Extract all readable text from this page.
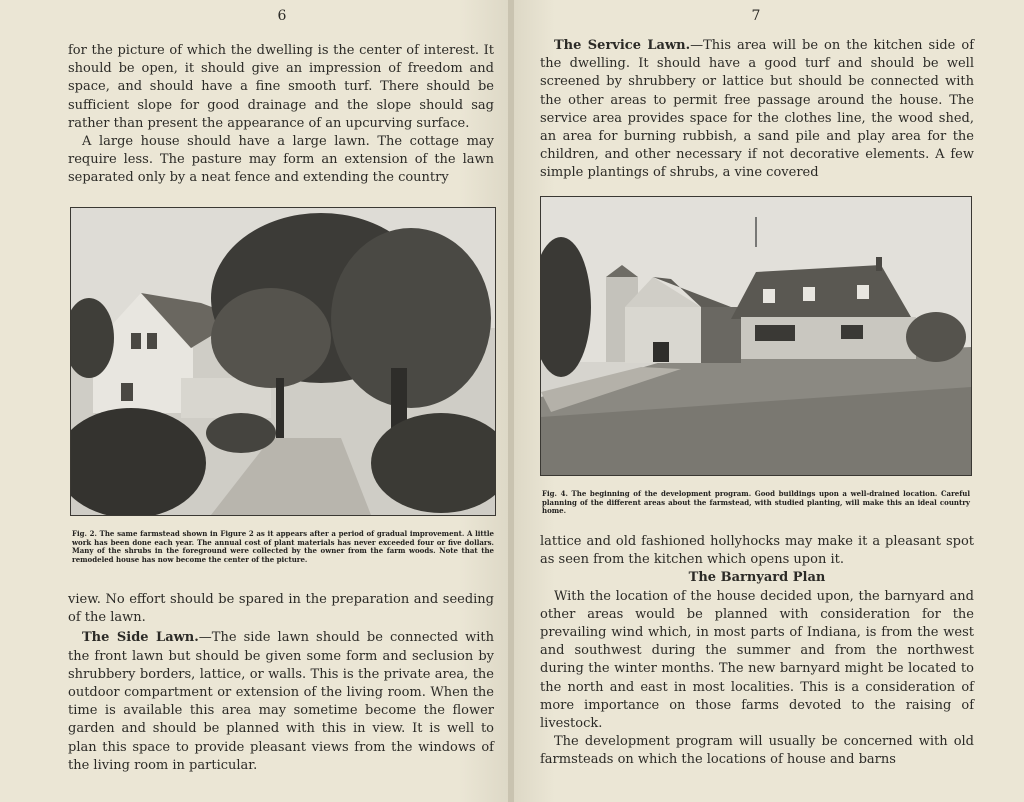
6

for the picture of which the dwelling is the center of interest. It should be open, it should give an impression of freedom and space, and should have a fine smooth turf. There should be sufficient slope for good drainage and the slope should sag rather than present the appearance of an upcurving surface.

A large house should have a large lawn. The cottage may require less. The pasture may form an extension of the lawn separated only by a neat fence and extending the country

Fig. 2. The same farmstead shown in Figure 2 as it appears after a period of gradual improvement. A little work has been done each year. The annual cost of plant materials has never exceeded four or five dollars. Many of the shrubs in the foreground were collected by the owner from the farm woods. Note that the remodeled house has now become the center of the picture.

view. No effort should be spared in the preparation and seeding of the lawn.

The Side Lawn.—The side lawn should be connected with the front lawn but should be given some form and seclusion by shrubbery borders, lattice, or walls. This is the private area, the outdoor compartment or extension of the living room. When the time is available this area may sometime become the flower garden and should be planned with this in view. It is well to plan this space to provide pleasant views from the windows of the living room in particular.

7

The Service Lawn.—This area will be on the kitchen side of the dwelling. It should have a good turf and should be well screened by shrubbery or lattice but should be connected with the other areas to permit free passage around the house. The service area provides space for the clothes line, the wood shed, an area for burning rubbish, a sand pile and play area for the children, and other necessary if not decorative elements. A few simple plantings of shrubs, a vine covered

Fig. 4. The beginning of the development program. Good buildings upon a well-drained location. Careful planning of the different areas about the farmstead, with studied planting, will make this an ideal country home.

lattice and old fashioned hollyhocks may make it a pleasant spot as seen from the kitchen which opens upon it.

The Barnyard Plan

With the location of the house decided upon, the barnyard and other areas would be planned with consideration for the prevailing wind which, in most parts of Indiana, is from the west and southwest during the summer and from the northwest during the winter months. The new barnyard might be located to the north and east in most localities. This is a consideration of more importance on those farms devoted to the raising of livestock.

The development program will usually be concerned with old farmsteads on which the locations of house and barns
